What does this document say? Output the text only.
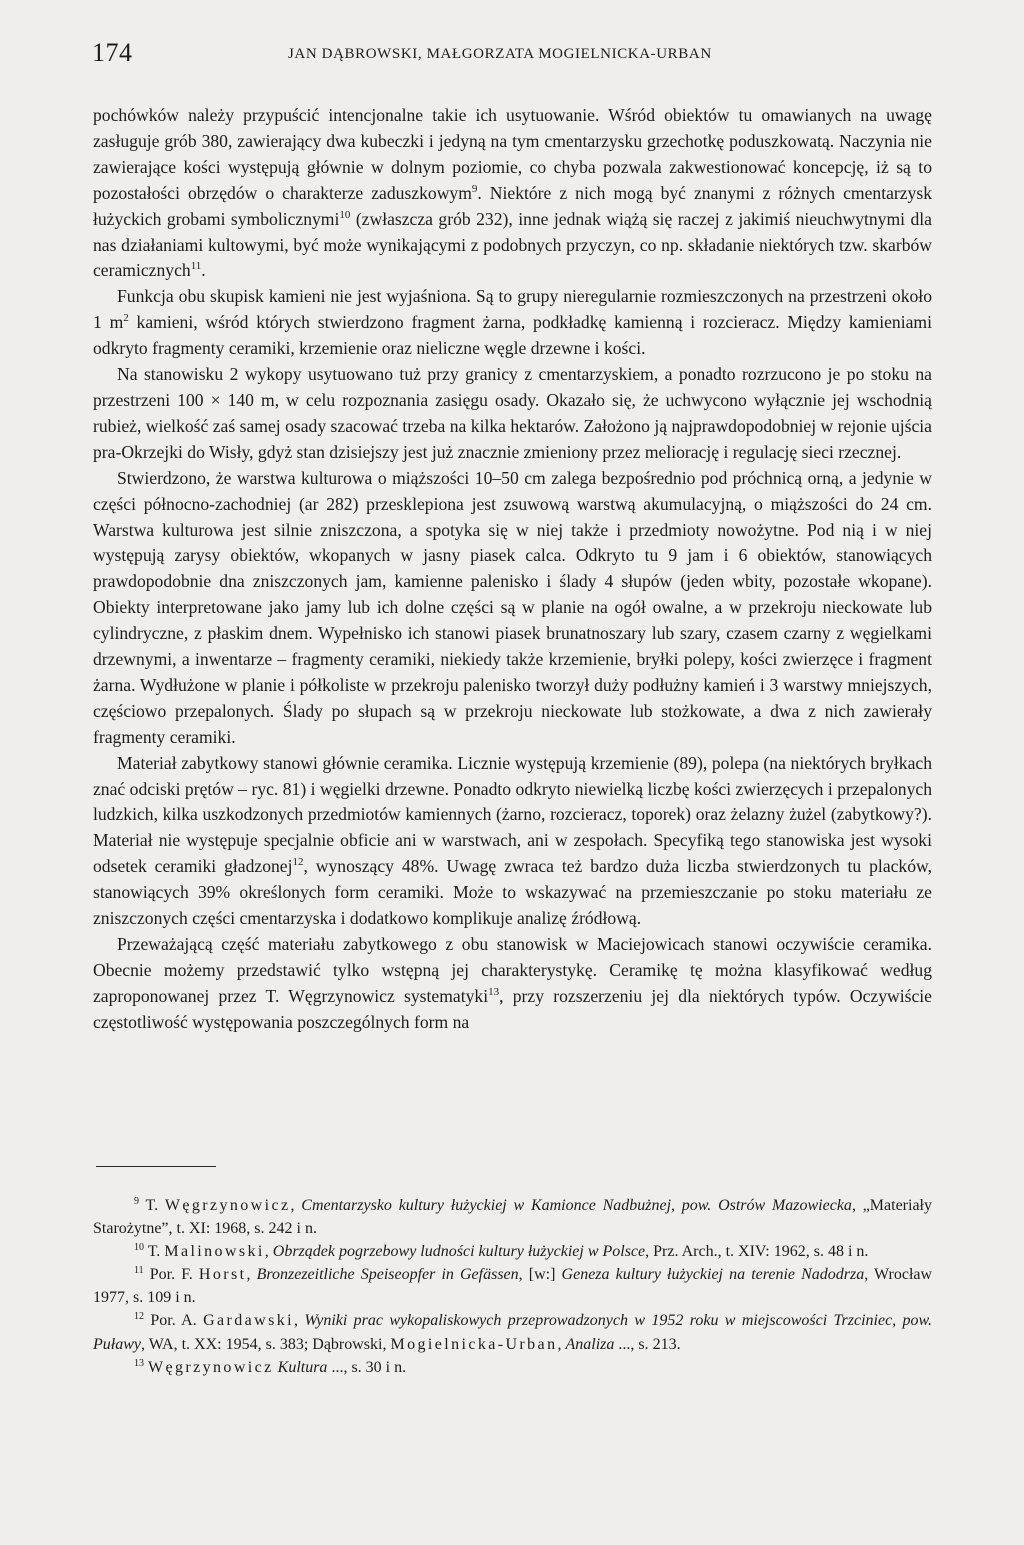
174	JAN DĄBROWSKI, MAŁGORZATA MOGIELNICKA-URBAN

pochówków należy przypuścić intencjonalne takie ich usytuowanie. Wśród obiektów tu omawianych na uwagę zasługuje grób 380, zawierający dwa kubeczki i jedyną na tym cmentarzysku grzechotkę poduszkowatą. Naczynia nie zawierające kości występują głównie w dolnym poziomie, co chyba pozwala zakwestionować koncepcję, iż są to pozostałości obrzędów o charakterze zaduszkowym$^9$. Niektóre z nich mogą być znanymi z różnych cmentarzysk łużyckich grobami symbolicznymi$^{10}$ (zwłaszcza grób 232), inne jednak wiążą się raczej z jakimiś nieuchwytnymi dla nas działaniami kultowymi, być może wynikającymi z podobnych przyczyn, co np. składanie niektórych tzw. skarbów ceramicznych$^{11}$.

Funkcja obu skupisk kamieni nie jest wyjaśniona. Są to grupy nieregularnie rozmieszczonych na przestrzeni około 1 $m^2$ kamieni, wśród których stwierdzono fragment żarna, podkładkę kamienną i rozcieracz. Między kamieniami odkryto fragmenty ceramiki, krzemienie oraz nieliczne węgle drzewne i kości.

Na stanowisku 2 wykopy usytuowano tuż przy granicy z cmentarzyskiem, a ponadto rozrzucono je po stoku na przestrzeni 100 × 140 m, w celu rozpoznania zasięgu osady. Okazało się, że uchwycono wyłącznie jej wschodnią rubież, wielkość zaś samej osady szacować trzeba na kilka hektarów. Założono ją najprawdopodobniej w rejonie ujścia pra-Okrzejki do Wisły, gdyż stan dzisiejszy jest już znacznie zmieniony przez meliorację i regulację sieci rzecznej.

Stwierdzono, że warstwa kulturowa o miąższości 10–50 cm zalega bezpośrednio pod próchnicą orną, a jedynie w części północno-zachodniej (ar 282) przesklepiona jest zsuwową warstwą akumulacyjną, o miąższości do 24 cm. Warstwa kulturowa jest silnie zniszczona, a spotyka się w niej także i przedmioty nowożytne. Pod nią i w niej występują zarysy obiektów, wkopanych w jasny piasek calca. Odkryto tu 9 jam i 6 obiektów, stanowiących prawdopodobnie dna zniszczonych jam, kamienne palenisko i ślady 4 słupów (jeden wbity, pozostałe wkopane). Obiekty interpretowane jako jamy lub ich dolne części są w planie na ogół owalne, a w przekroju nieckowate lub cylindryczne, z płaskim dnem. Wypełnisko ich stanowi piasek brunatnoszary lub szary, czasem czarny z węgielkami drzewnymi, a inwentarze – fragmenty ceramiki, niekiedy także krzemienie, bryłki polepy, kości zwierzęce i fragment żarna. Wydłużone w planie i półkoliste w przekroju palenisko tworzył duży podłużny kamień i 3 warstwy mniejszych, częściowo przepalonych. Ślady po słupach są w przekroju nieckowate lub stożkowate, a dwa z nich zawierały fragmenty ceramiki.

Materiał zabytkowy stanowi głównie ceramika. Licznie występują krzemienie (89), polepa (na niektórych bryłkach znać odciski prętów – ryc. 81) i węgielki drzewne. Ponadto odkryto niewielką liczbę kości zwierzęcych i przepalonych ludzkich, kilka uszkodzonych przedmiotów kamiennych (żarno, rozcieracz, toporek) oraz żelazny żużel (zabytkowy?). Materiał nie występuje specjalnie obficie ani w warstwach, ani w zespołach. Specyfiką tego stanowiska jest wysoki odsetek ceramiki gładzonej$^{12}$, wynoszący 48%. Uwagę zwraca też bardzo duża liczba stwierdzonych tu placków, stanowiących 39% określonych form ceramiki. Może to wskazywać na przemieszczanie po stoku materiału ze zniszczonych części cmentarzyska i dodatkowo komplikuje analizę źródłową.

Przeważającą część materiału zabytkowego z obu stanowisk w Maciejowicach stanowi oczywiście ceramika. Obecnie możemy przedstawić tylko wstępną jej charakterystykę. Ceramikę tę można klasyfikować według zaproponowanej przez T. Węgrzynowicz systematyki$^{13}$, przy rozszerzeniu jej dla niektórych typów. Oczywiście częstotliwość występowania poszczególnych form na

$^9$ T. Węgrzynowicz, Cmentarzysko kultury łużyckiej w Kamionce Nadbużnej, pow. Ostrów Mazowiecka, „Materiały Starożytne”, t. XI: 1968, s. 242 i n.

$^{10}$ T. Malinowski, Obrządek pogrzebowy ludności kultury łużyckiej w Polsce, Prz. Arch., t. XIV: 1962, s. 48 i n.

$^{11}$ Por. F. Horst, Bronzezeitliche Speiseopfer in Gefässen, [w:] Geneza kultury łużyckiej na terenie Nadodrza, Wrocław 1977, s. 109 i n.

$^{12}$ Por. A. Gardawski, Wyniki prac wykopaliskowych przeprowadzonych w 1952 roku w miejscowości Trzciniec, pow. Puławy, WA, t. XX: 1954, s. 383; Dąbrowski, Mogielnicka-Urban, Analiza ..., s. 213.

$^{13}$ Węgrzynowicz Kultura ..., s. 30 i n.
